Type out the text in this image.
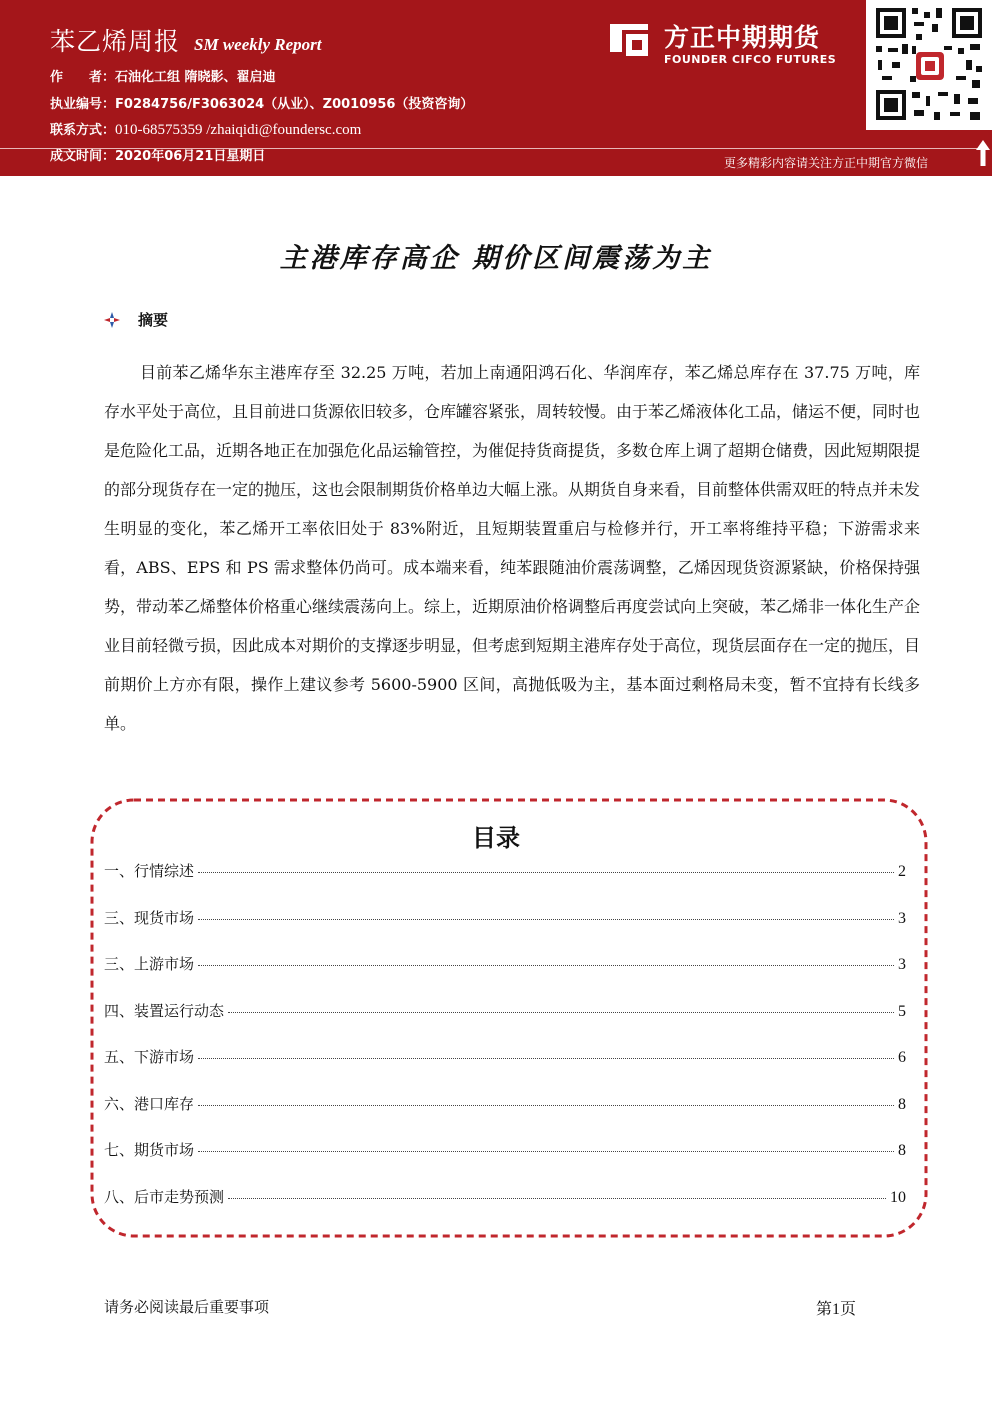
苯乙烯周报 SM weekly Report
作　　者：石油化工组 隋晓影、翟启迪
执业编号：F0284756/F3063024（从业）、Z0010956（投资咨询）
联系方式：010-68575359 /zhaiqidi@foundersc.com
成文时间：2020年06月21日星期日
方正中期期货
FOUNDER CIFCO FUTURES
更多精彩内容请关注方正中期官方微信
主港库存高企 期价区间震荡为主
摘要
目前苯乙烯华东主港库存至 32.25 万吨，若加上南通阳鸿石化、华润库存，苯乙烯总库存在 37.75 万吨，库存水平处于高位，且目前进口货源依旧较多，仓库罐容紧张，周转较慢。由于苯乙烯液体化工品，储运不便，同时也是危险化工品，近期各地正在加强危化品运输管控，为催促持货商提货，多数仓库上调了超期仓储费，因此短期限提的部分现货存在一定的抛压，这也会限制期货价格单边大幅上涨。从期货自身来看，目前整体供需双旺的特点并未发生明显的变化，苯乙烯开工率依旧处于 83%附近，且短期装置重启与检修并行，开工率将维持平稳；下游需求来看，ABS、EPS 和 PS 需求整体仍尚可。成本端来看，纯苯跟随油价震荡调整，乙烯因现货资源紧缺，价格保持强势，带动苯乙烯整体价格重心继续震荡向上。综上，近期原油价格调整后再度尝试向上突破，苯乙烯非一体化生产企业目前轻微亏损，因此成本对期价的支撑逐步明显，但考虑到短期主港库存处于高位，现货层面存在一定的抛压，目前期价上方亦有限，操作上建议参考 5600-5900 区间，高抛低吸为主，基本面过剩格局未变，暂不宜持有长线多单。
目录
一、行情综述	2
三、现货市场	3
三、上游市场	3
四、装置运行动态	5
五、下游市场	6
六、港口库存	8
七、期货市场	8
八、后市走势预测	10
请务必阅读最后重要事项	第1页
